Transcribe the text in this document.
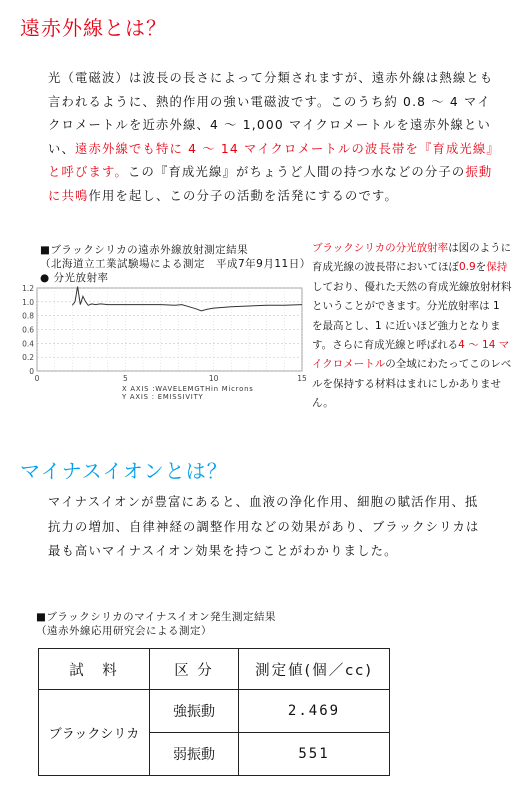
遠赤外線とは？

光（電磁波）は波長の長さによって分類されますが、遠赤外線は熱線とも言われるように、熱的作用の強い電磁波です。このうち約 0.8 ～ 4 マイクロメートルを近赤外線、4 ～ 1,000 マイクロメートルを遠赤外線といい、遠赤外線でも特に 4 ～ 14 マイクロメートルの波長帯を『育成光線』と呼びます。この『育成光線』がちょうど人間の持つ水などの分子の振動に共鳴作用を起し、この分子の活動を活発にするのです。

■ブラックシリカの遠赤外線放射測定結果
（北海道立工業試験場による測定　平成7年9月11日）
● 分光放射率
1.2
1.0
0.8
0.6
0.4
0.2
0
0	5	10	15
X AXIS :WAVELEMGTHin Microns
Y AXIS : EMISSIVITY

ブラックシリカの分光放射率は図のように育成光線の波長帯においてほぼ0.9を保持しており、優れた天然の育成光線放射材料ということができます。分光放射率は 1 を最高とし、1 に近いほど強力となります。さらに育成光線と呼ばれる4 ～ 14 マイクロメートルの全域にわたってこのレベルを保持する材料はまれにしかありません。

マイナスイオンとは？

マイナスイオンが豊富にあると、血液の浄化作用、細胞の賦活作用、抵抗力の増加、自律神経の調整作用などの効果があり、ブラックシリカは最も高いマイナスイオン効果を持つことがわかりました。

■ブラックシリカのマイナスイオン発生測定結果
（遠赤外線応用研究会による測定）
試　料	区 分	測定値(個／cc)
ブラックシリカ	強振動	2.469
	弱振動	551
